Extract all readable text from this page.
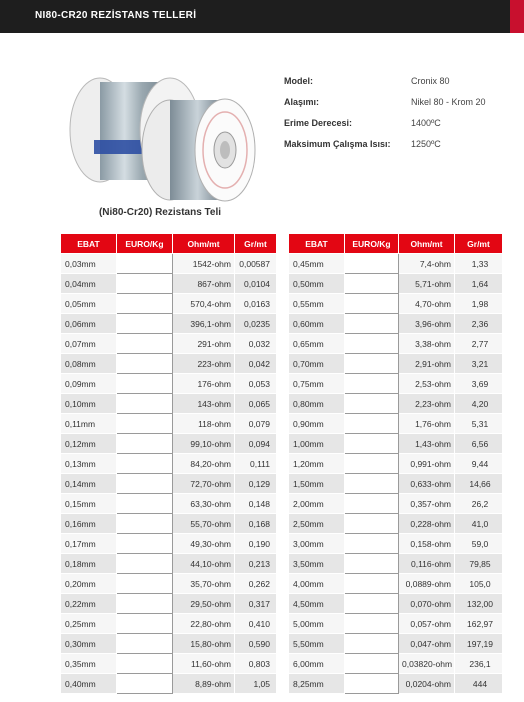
NI80-CR20 REZİSTANS TELLERİ
(Ni80-Cr20) Rezistans Teli
Model:	Cronix 80
Alaşımı:	Nikel 80 - Krom 20
Erime Derecesi:	1400ºC
Maksimum Çalışma Isısı: 1250ºC
EBAT	EURO/Kg	Ohm/mt	Gr/mt
0,03mm		1542-ohm	0,00587
0,04mm		867-ohm	0,0104
0,05mm		570,4-ohm	0,0163
0,06mm		396,1-ohm	0,0235
0,07mm		291-ohm	0,032
0,08mm		223-ohm	0,042
0,09mm		176-ohm	0,053
0,10mm		143-ohm	0,065
0,11mm		118-ohm	0,079
0,12mm		99,10-ohm	0,094
0,13mm		84,20-ohm	0,111
0,14mm		72,70-ohm	0,129
0,15mm		63,30-ohm	0,148
0,16mm		55,70-ohm	0,168
0,17mm		49,30-ohm	0,190
0,18mm		44,10-ohm	0,213
0,20mm		35,70-ohm	0,262
0,22mm		29,50-ohm	0,317
0,25mm		22,80-ohm	0,410
0,30mm		15,80-ohm	0,590
0,35mm		11,60-ohm	0,803
0,40mm		8,89-ohm	1,05
EBAT	EURO/Kg	Ohm/mt	Gr/mt
0,45mm		7,4-ohm	1,33
0,50mm		5,71-ohm	1,64
0,55mm		4,70-ohm	1,98
0,60mm		3,96-ohm	2,36
0,65mm		3,38-ohm	2,77
0,70mm		2,91-ohm	3,21
0,75mm		2,53-ohm	3,69
0,80mm		2,23-ohm	4,20
0,90mm		1,76-ohm	5,31
1,00mm		1,43-ohm	6,56
1,20mm		0,991-ohm	9,44
1,50mm		0,633-ohm	14,66
2,00mm		0,357-ohm	26,2
2,50mm		0,228-ohm	41,0
3,00mm		0,158-ohm	59,0
3,50mm		0,116-ohm	79,85
4,00mm		0,0889-ohm	105,0
4,50mm		0,070-ohm	132,00
5,00mm		0,057-ohm	162,97
5,50mm		0,047-ohm	197,19
6,00mm		0,03820-ohm	236,1
8,25mm		0,0204-ohm	444
